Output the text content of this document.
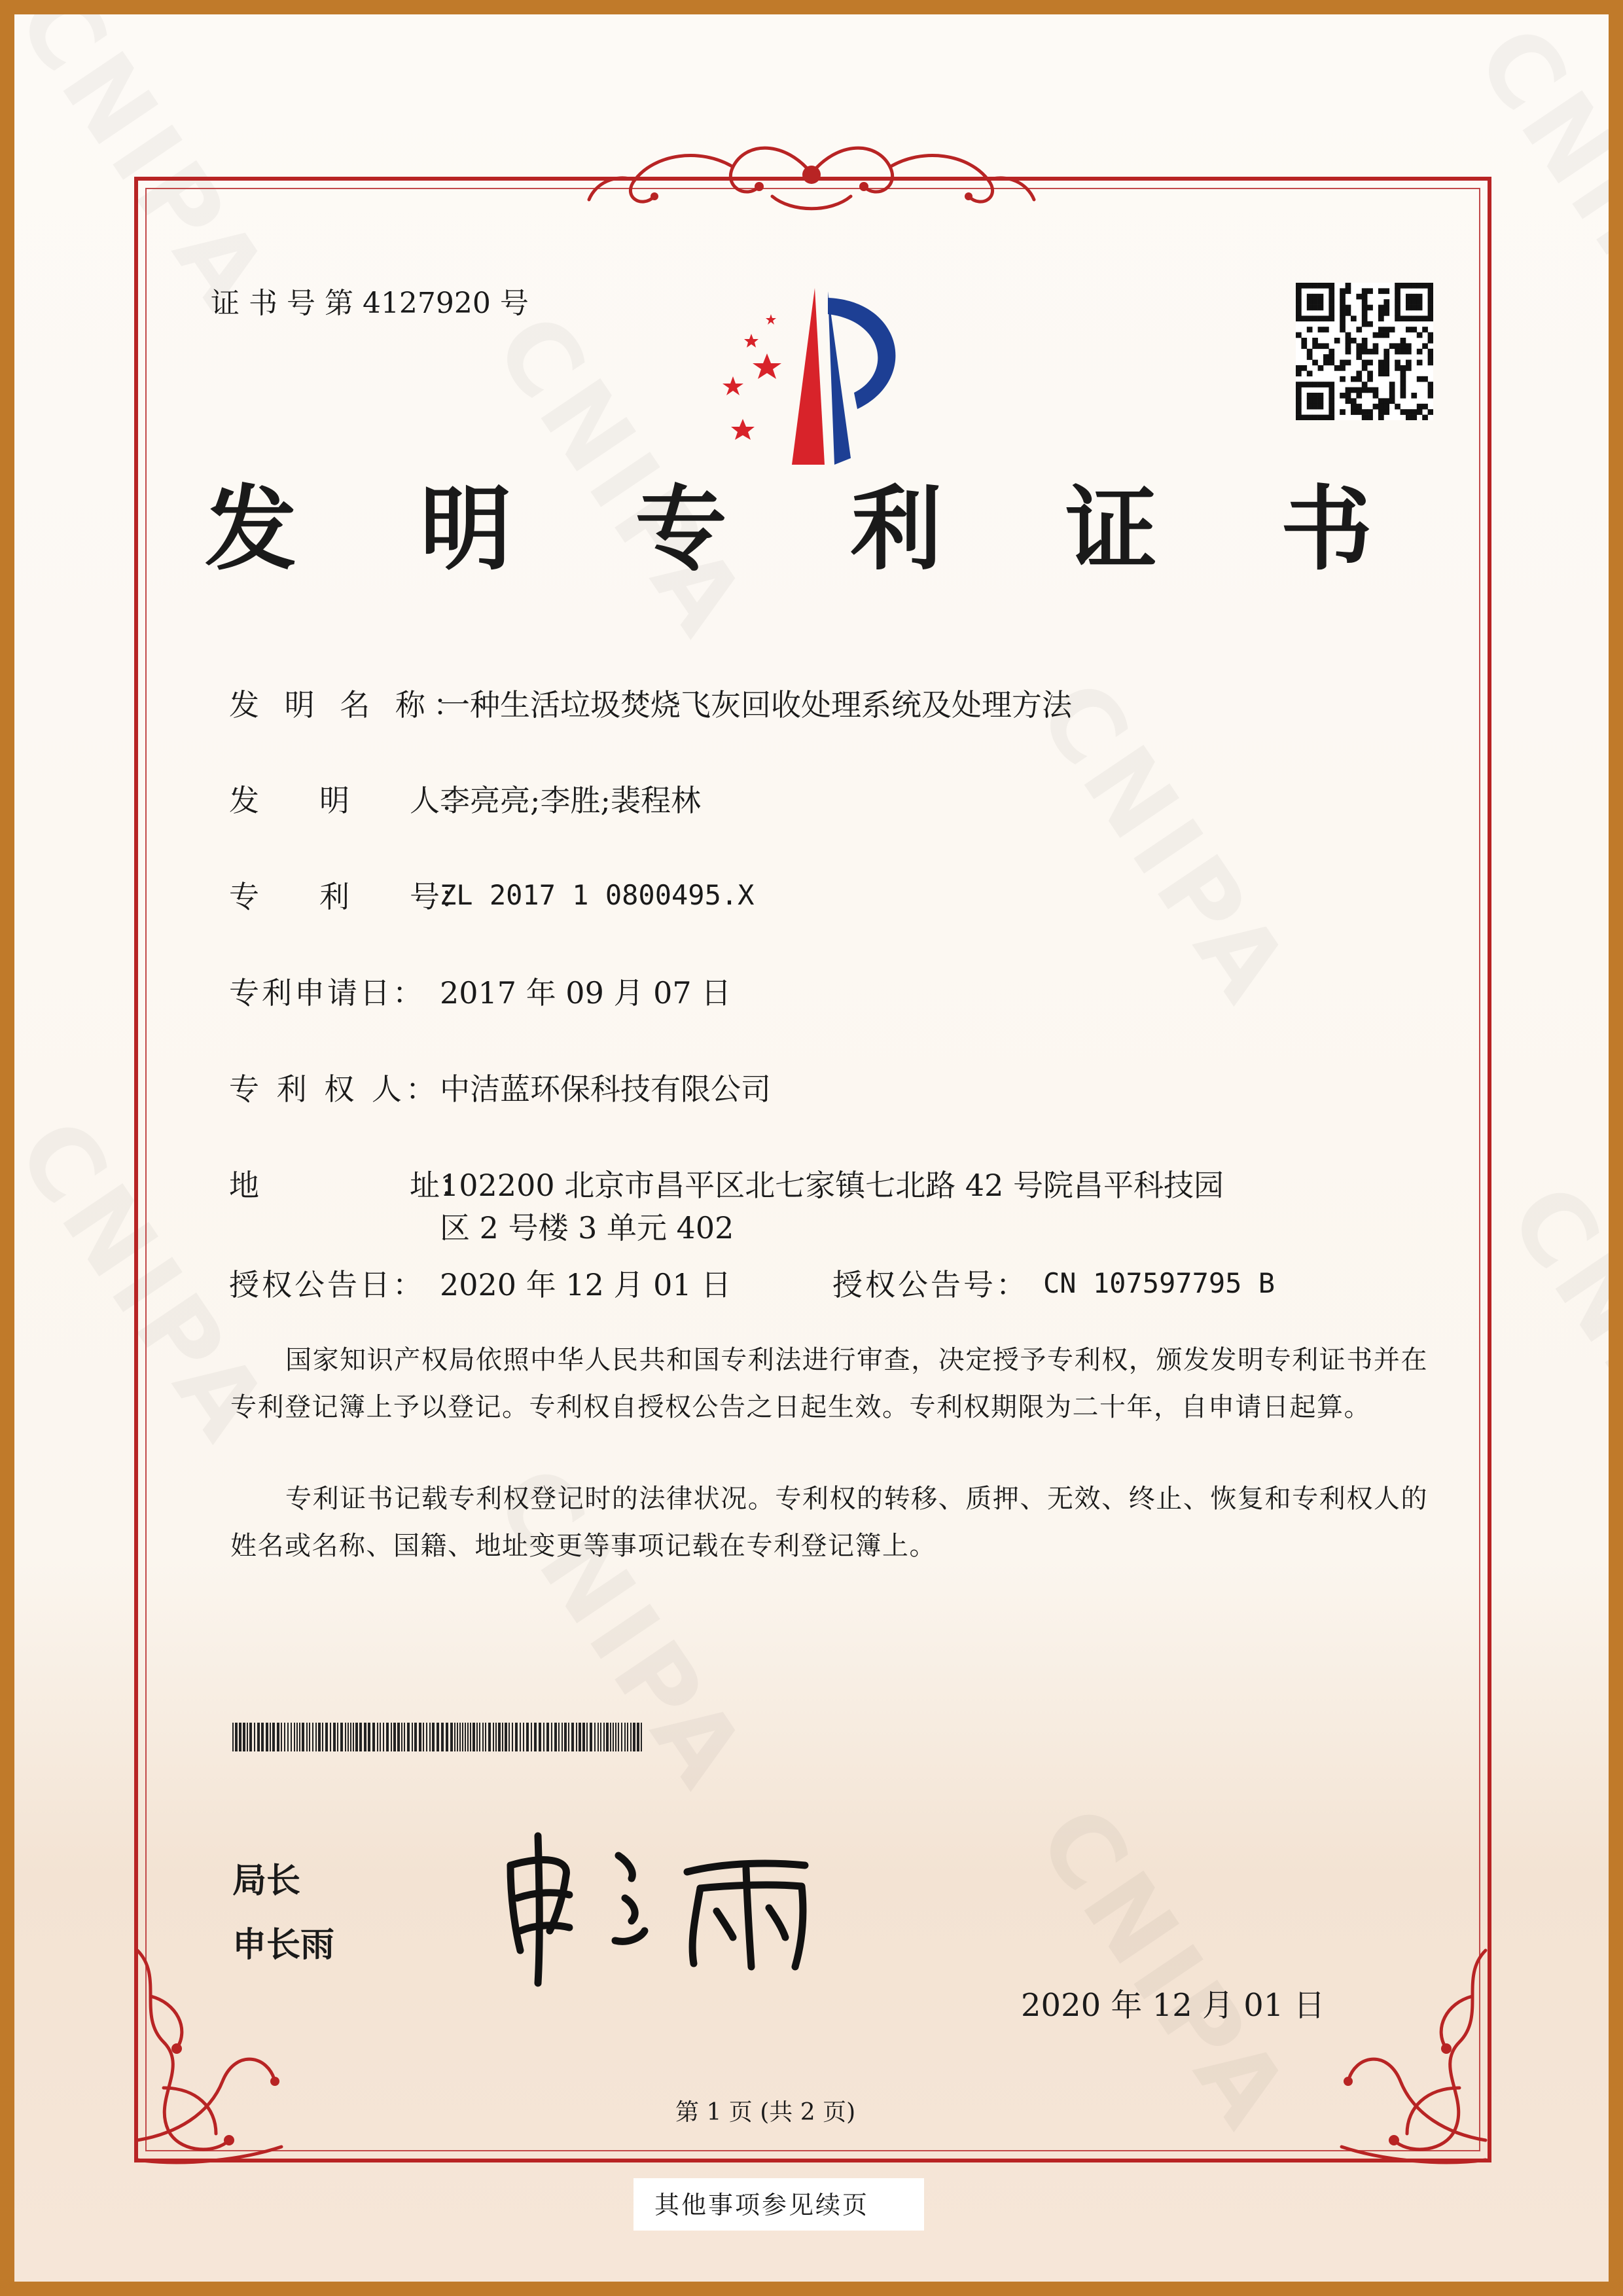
证 书 号 第 4127920 号
发 明 专 利 证 书
发 明 名 称：
一种生活垃圾焚烧飞灰回收处理系统及处理方法
发　　明　　人：
李亮亮;李胜;裴程林
专　　利　　号：
ZL 2017 1 0800495.X
专利申请日： 2017 年 09 月 07 日
专 利 权 人： 中洁蓝环保科技有限公司
地　　　　　址：
102200 北京市昌平区北七家镇七北路 42 号院昌平科技园
区 2 号楼 3 单元 402
授权公告日： 2020 年 12 月 01 日	授权公告号： CN 107597795 B
国家知识产权局依照中华人民共和国专利法进行审查，决定授予专利权，颁发发明专利证书并在专利登记簿上予以登记。专利权自授权公告之日起生效。专利权期限为二十年，自申请日起算。
专利证书记载专利权登记时的法律状况。专利权的转移、质押、无效、终止、恢复和专利权人的姓名或名称、国籍、地址变更等事项记载在专利登记簿上。
局长
申长雨
2020 年 12 月 01 日
第 1 页 (共 2 页)
其他事项参见续页
